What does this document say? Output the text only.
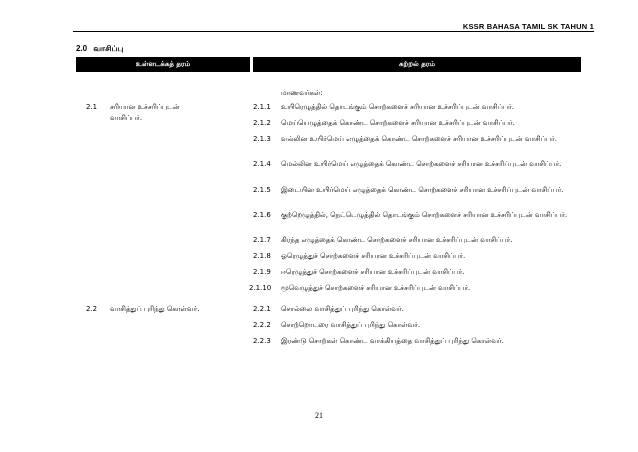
KSSR BAHASA TAMIL SK TAHUN 1
2.0 வாசிப்பு
உள்ளடக்கத் தரம்	கற்றல் தரம்
மாணவர்கள்:
2.1 சரியான உச்சரிப்புடன் வாசிப்பர்.
2.2 வாசித்துப் புரிந்து கொள்வர்.
2.1.1 உயிரெழுத்தில் தொடங்கும் சொற்களைச் சரியான உச்சரிப்புடன் வாசிப்பர்.
2.1.2 மெய்யெழுத்தைக் கொண்ட சொற்களைச் சரியான உச்சரிப்புடன் வாசிப்பர்.
2.1.3 வல்லின உயிர்மெய் எழுத்தைக் கொண்ட சொற்களைச் சரியான உச்சரிப்புடன் வாசிப்பர்.
2.1.4 மெல்லின உயிர்மெய் எழுத்தைக் கொண்ட சொற்களைச் சரியான உச்சரிப்புடன் வாசிப்பர்.
2.1.5 இடையின உயிர்மெய் எழுத்தைக் கொண்ட சொற்களைச் சரியான உச்சரிப்புடன் வாசிப்பர்.
2.1.6 குற்றெழுத்தில், நெட்டெழுத்தில் தொடங்கும் சொற்களைச் சரியான உச்சரிப்புடன் வாசிப்பர்.
2.1.7 கிரந்த எழுத்தைக் கொண்ட சொற்களைச் சரியான உச்சரிப்புடன் வாசிப்பர்.
2.1.8 ஓரெழுத்துச் சொற்களைச் சரியான உச்சரிப்புடன் வாசிப்பர்.
2.1.9 ஈரெழுத்துச் சொற்களைச் சரியான உச்சரிப்புடன் வாசிப்பர்.
2.1.10 மூவெழுத்துச் சொற்களைச் சரியான உச்சரிப்புடன் வாசிப்பர்.
2.2.1 சொல்லை வாசித்துப் புரிந்து கொள்வர்.
2.2.2 சொற்றொடரை வாசித்துப் புரிந்து கொள்வர்.
2.2.3 இரண்டு சொற்கள் கொண்ட வாக்கியத்தை வாசித்துப் புரிந்து கொள்வர்.
21
